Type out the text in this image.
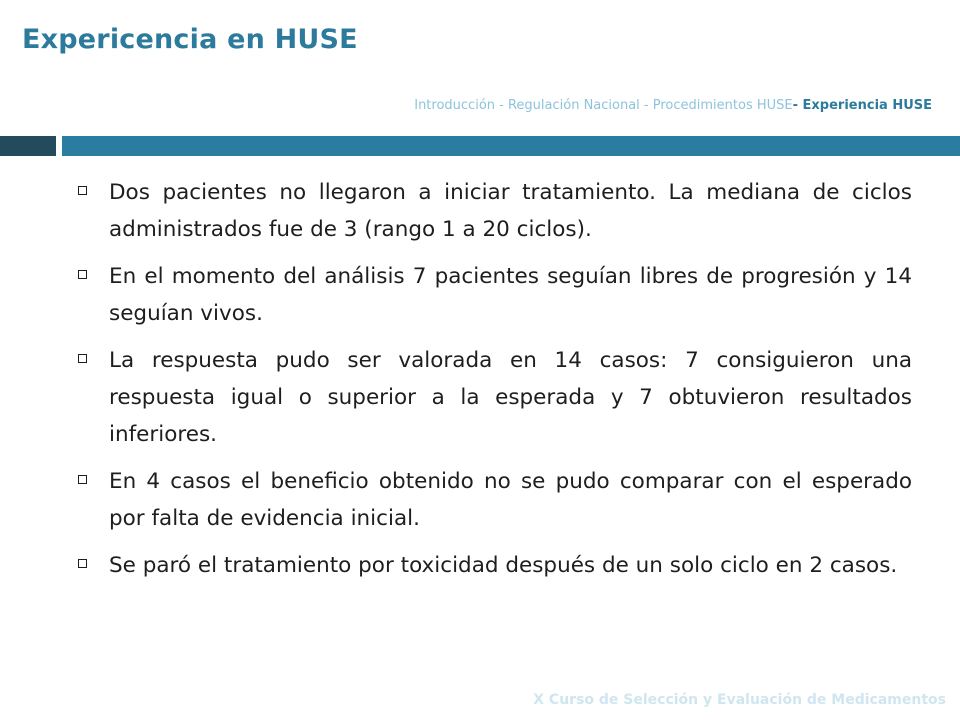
Expericencia en HUSE
Introducción - Regulación Nacional - Procedimientos HUSE- Experiencia HUSE
Dos pacientes no llegaron a iniciar tratamiento. La mediana de ciclos administrados fue de 3 (rango 1 a 20 ciclos).
En el momento del análisis 7 pacientes seguían libres de progresión y 14 seguían vivos.
La respuesta pudo ser valorada en 14 casos: 7 consiguieron una respuesta igual o superior a la esperada y 7 obtuvieron resultados inferiores.
En 4 casos el beneficio obtenido no se pudo comparar con el esperado por falta de evidencia inicial.
Se paró el tratamiento por toxicidad después de un solo ciclo en 2 casos.
X Curso de Selección y Evaluación de Medicamentos
